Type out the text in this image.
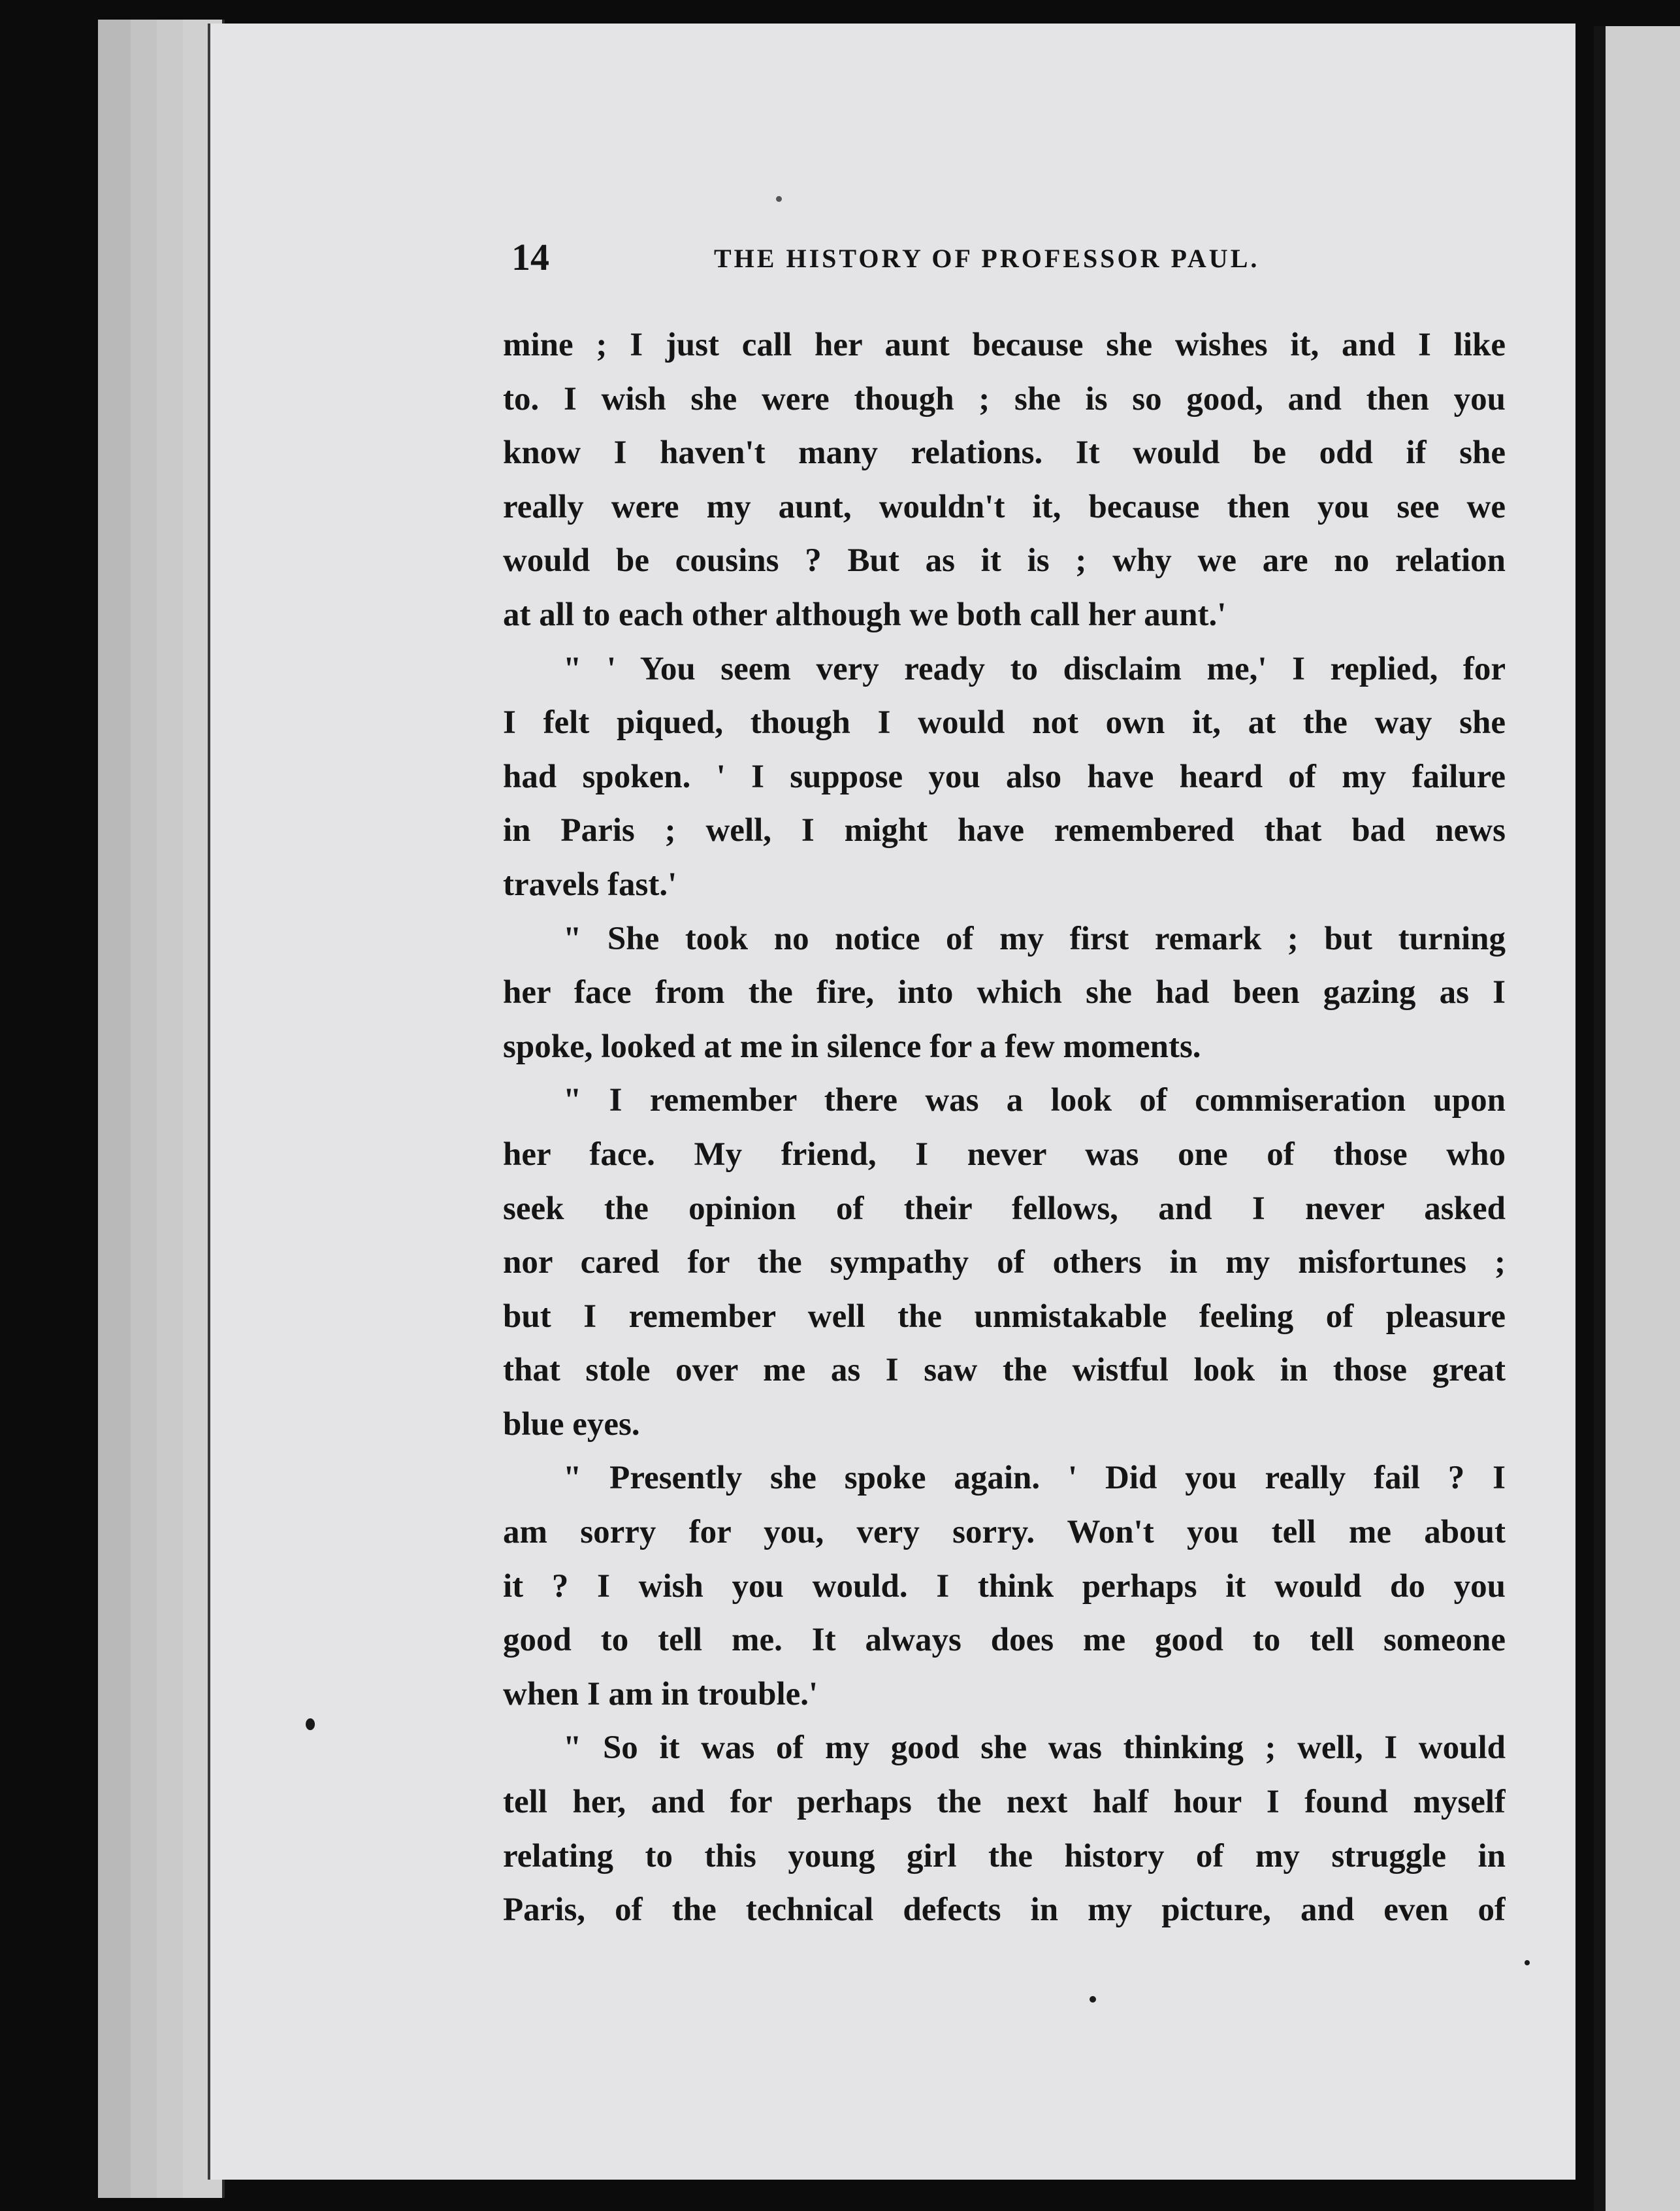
14	THE HISTORY OF PROFESSOR PAUL.
mine ; I just call her aunt because she wishes it, and I like
to. I wish she were though ; she is so good, and then you
know I haven't many relations. It would be odd if she
really were my aunt, wouldn't it, because then you see we
would be cousins ? But as it is ; why we are no relation
at all to each other although we both call her aunt.'
" ' You seem very ready to disclaim me,' I replied, for
I felt piqued, though I would not own it, at the way she
had spoken. ' I suppose you also have heard of my failure
in Paris ; well, I might have remembered that bad news
travels fast.'
" She took no notice of my first remark ; but turning
her face from the fire, into which she had been gazing as I
spoke, looked at me in silence for a few moments.
" I remember there was a look of commiseration upon
her face. My friend, I never was one of those who
seek the opinion of their fellows, and I never asked
nor cared for the sympathy of others in my misfortunes ;
but I remember well the unmistakable feeling of pleasure
that stole over me as I saw the wistful look in those great
blue eyes.
" Presently she spoke again. ' Did you really fail ? I
am sorry for you, very sorry. Won't you tell me about
it ? I wish you would. I think perhaps it would do you
good to tell me. It always does me good to tell someone
when I am in trouble.'
" So it was of my good she was thinking ; well, I would
tell her, and for perhaps the next half hour I found myself
relating to this young girl the history of my struggle in
Paris, of the technical defects in my picture, and even of
